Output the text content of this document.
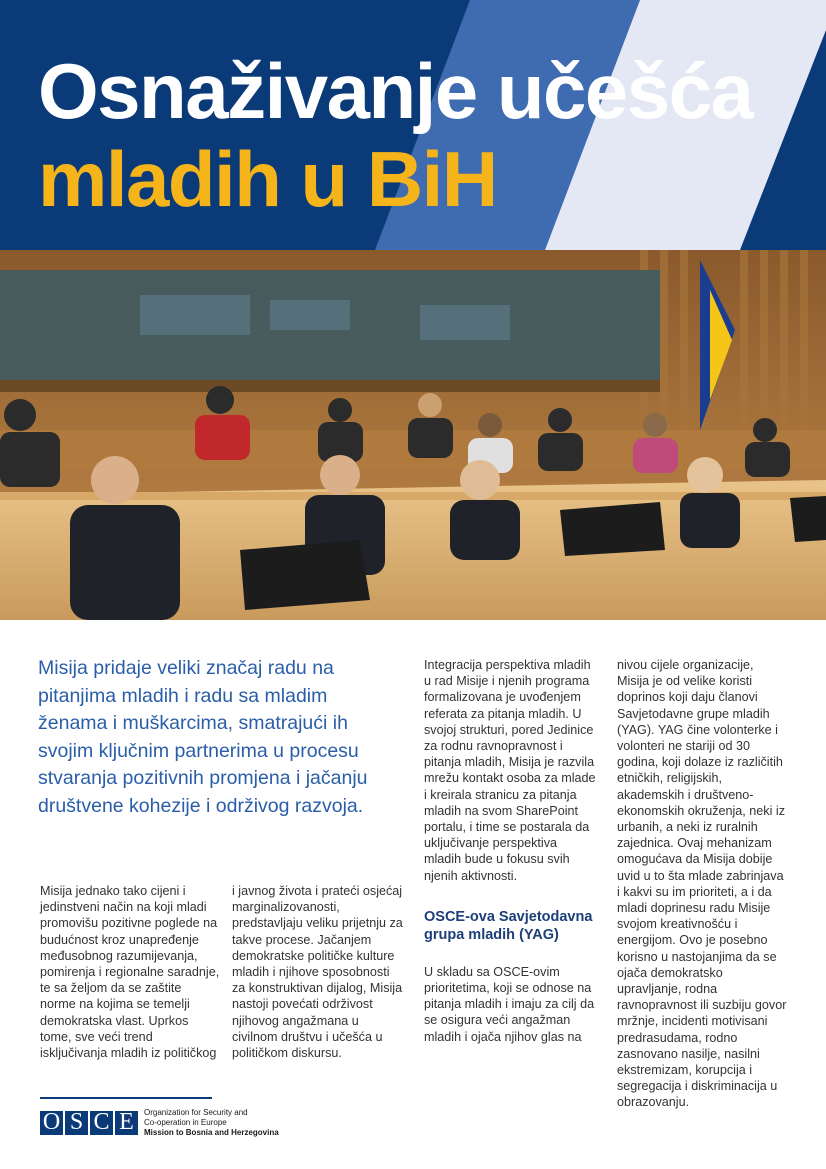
Osnaživanje učešća
mladih u BiH
Misija pridaje veliki značaj radu na pitanjima mladih i radu sa mladim ženama i muškarcima, smatrajući ih svojim ključnim partnerima u procesu stvaranja pozitivnih promjena i jačanju društvene kohezije i održivog razvoja.

Misija jednako tako cijeni i jedinstveni način na koji mladi promovišu pozitivne poglede na budućnost kroz unapređenje međusobnog razumijevanja, pomirenja i regionalne saradnje, te sa željom da se zaštite norme na kojima se temelji demokratska vlast. Uprkos tome, sve veći trend isključivanja mladih iz političkog

i javnog života i prateći osjećaj marginalizovanosti, predstavljaju veliku prijetnju za takve procese. Jačanjem demokratske političke kulture mladih i njihove sposobnosti za konstruktivan dijalog, Misija nastoji povećati održivost njihovog angažmana u civilnom društvu i učešća u političkom diskursu.

Integracija perspektiva mladih u rad Misije i njenih programa formalizovana je uvođenjem referata za pitanja mladih. U svojoj strukturi, pored Jedinice za rodnu ravnopravnost i pitanja mladih, Misija je razvila mrežu kontakt osoba za mlade i kreirala stranicu za pitanja mladih na svom SharePoint portalu, i time se postarala da uključivanje perspektiva mladih bude u fokusu svih njenih aktivnosti.

OSCE-ova Savjetodavna grupa mladih (YAG)

U skladu sa OSCE-ovim prioritetima, koji se odnose na pitanja mladih i imaju za cilj da se osigura veći angažman mladih i ojača njihov glas na

nivou cijele organizacije, Misija je od velike koristi doprinos koji daju članovi Savjetodavne grupe mladih (YAG). YAG čine volonterke i volonteri ne stariji od 30 godina, koji dolaze iz različitih etničkih, religijskih, akademskih i društveno-ekonomskih okruženja, neki iz urbanih, a neki iz ruralnih zajednica. Ovaj mehanizam omogućava da Misija dobije uvid u to šta mlade zabrinjava i kakvi su im prioriteti, a i da mladi doprinesu radu Misije svojom kreativnošću i energijom. Ovo je posebno korisno u nastojanjima da se ojača demokratsko upravljanje, rodna ravnopravnost ili suzbiju govor mržnje, incidenti motivisani predrasudama, rodno zasnovano nasilje, nasilni ekstremizam, korupcija i segregacija i diskriminacija u obrazovanju.

O S C E	Organization for Security and
Co-operation in Europe
Mission to Bosnia and Herzegovina
